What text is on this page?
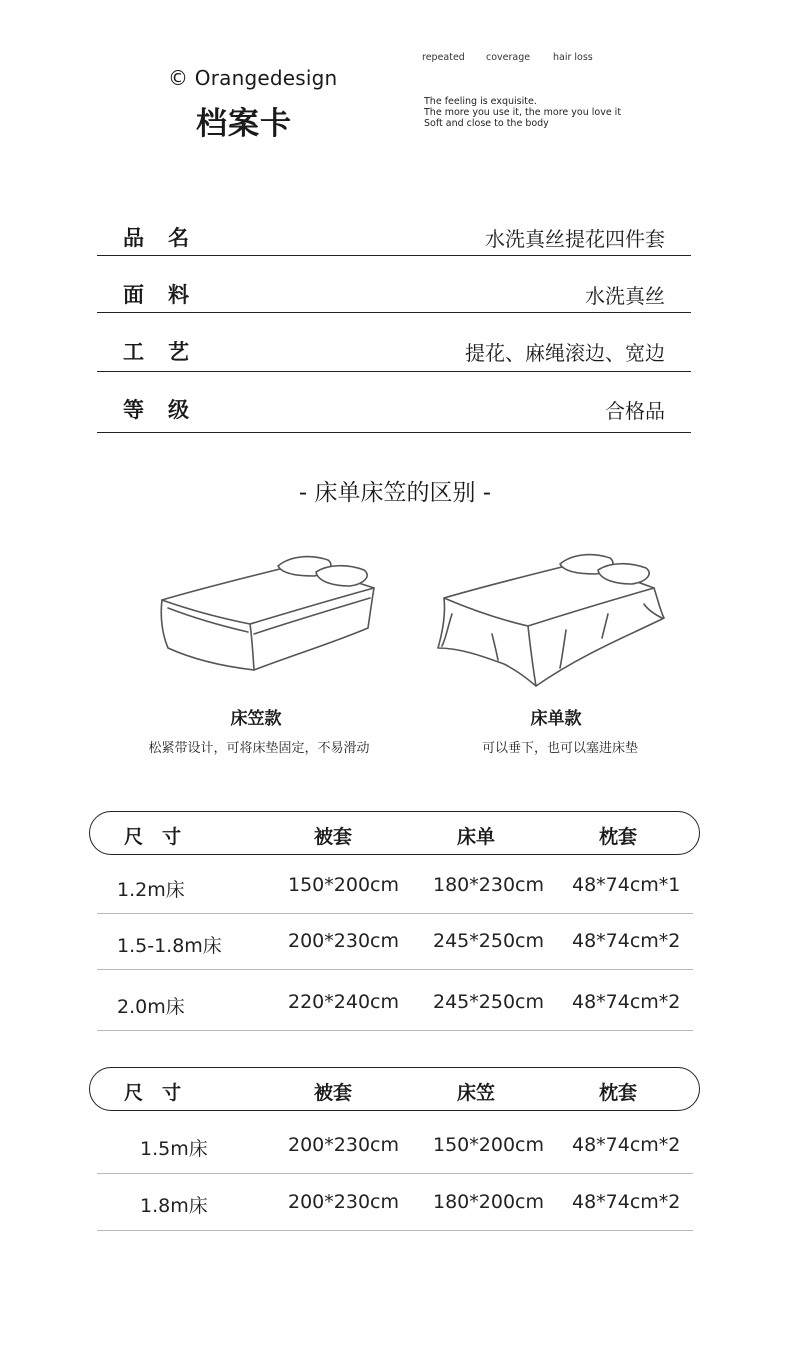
© Orangedesign
档案卡
repeated coverage hair loss
The feeling is exquisite.
The more you use it, the more you love it
Soft and close to the body
品名	水洗真丝提花四件套
面料	水洗真丝
工艺	提花、麻绳滚边、宽边
等级	合格品
- 床单床笠的区别 -
床笠款
松紧带设计，可将床垫固定，不易滑动
床单款
可以垂下，也可以塞进床垫
尺　寸	被套	床单	枕套
1.2m床	150*200cm 180*230cm 48*74cm*1
1.5-1.8m床	200*230cm 245*250cm 48*74cm*2
2.0m床	220*240cm 245*250cm 48*74cm*2
尺　寸	被套	床笠	枕套
1.5m床	200*230cm 150*200cm 48*74cm*2
1.8m床	200*230cm 180*200cm 48*74cm*2
